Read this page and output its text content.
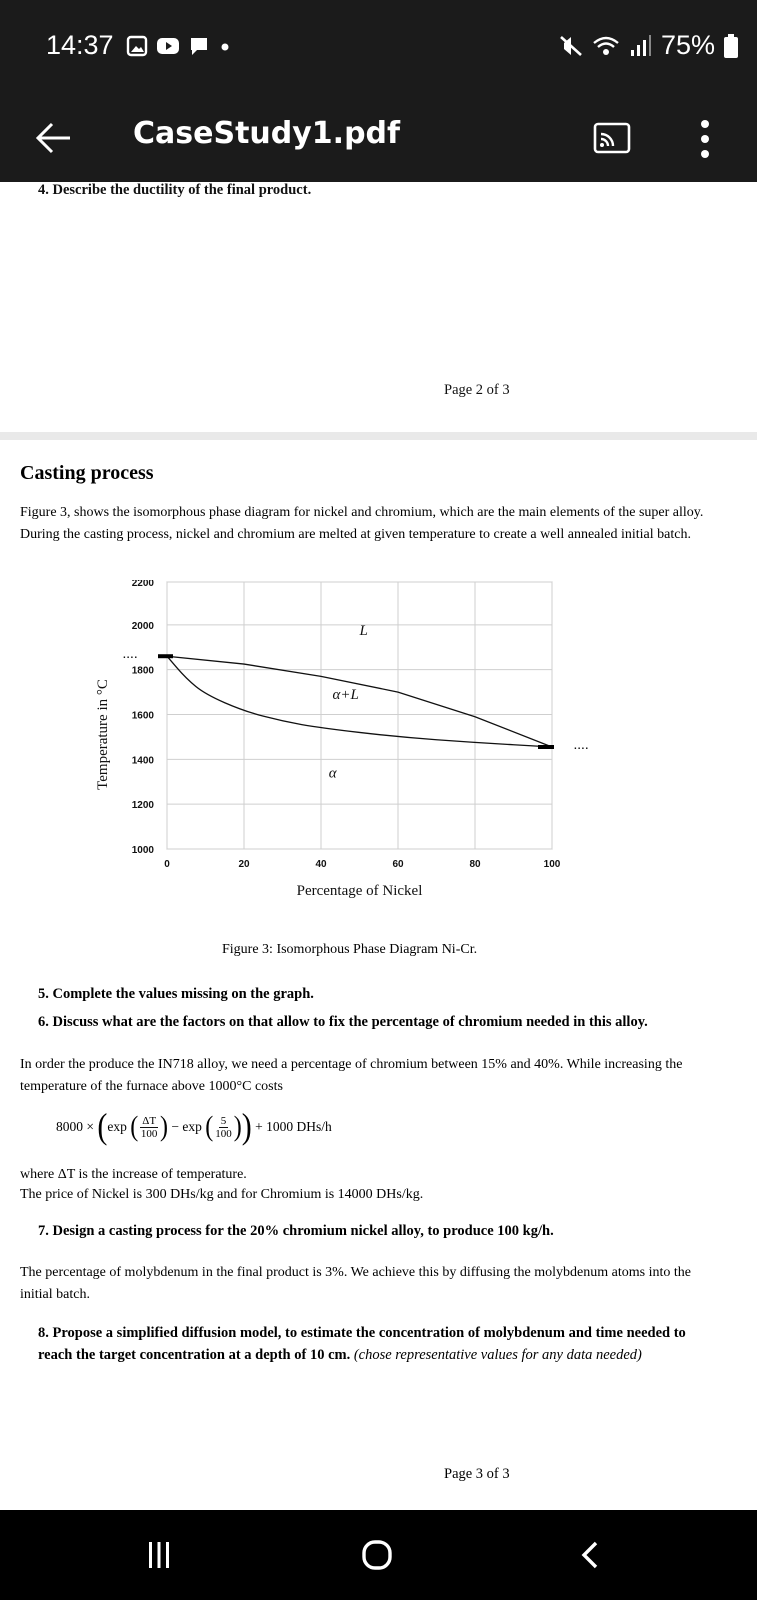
14:37	75%
CaseStudy1.pdf
4. Describe the ductility of the final product.
Page 2 of 3
Casting process
Figure 3, shows the isomorphous phase diagram for nickel and chromium, which are the main elements of the super alloy. During the casting process, nickel and chromium are melted at given temperature to create a well annealed initial batch.
2200
2000
1800
1600
1400
1200
1000
0	20	40	60	80	100
....
....
L
α+L
α
Percentage of Nickel
Temperature in °C
Figure 3: Isomorphous Phase Diagram Ni-Cr.
5. Complete the values missing on the graph.
6. Discuss what are the factors on that allow to fix the percentage of chromium needed in this alloy.
In order the produce the IN718 alloy, we need a percentage of chromium between 15% and 40%. While increasing the temperature of the furnace above 1000°C costs
8000 ×
( exp
( $\frac{\Delta T}{100}$ )
− exp
( $\frac{5}{100}$ ) )
+ 1000 DHs/h
where ΔT is the increase of temperature.
The price of Nickel is 300 DHs/kg and for Chromium is 14000 DHs/kg.
7. Design a casting process for the 20% chromium nickel alloy, to produce 100 kg/h.
The percentage of molybdenum in the final product is 3%. We achieve this by diffusing the molybdenum atoms into the initial batch.
8. Propose a simplified diffusion model, to estimate the concentration of molybdenum and time needed to reach the target concentration at a depth of 10 cm. (chose representative values for any data needed)
Page 3 of 3
